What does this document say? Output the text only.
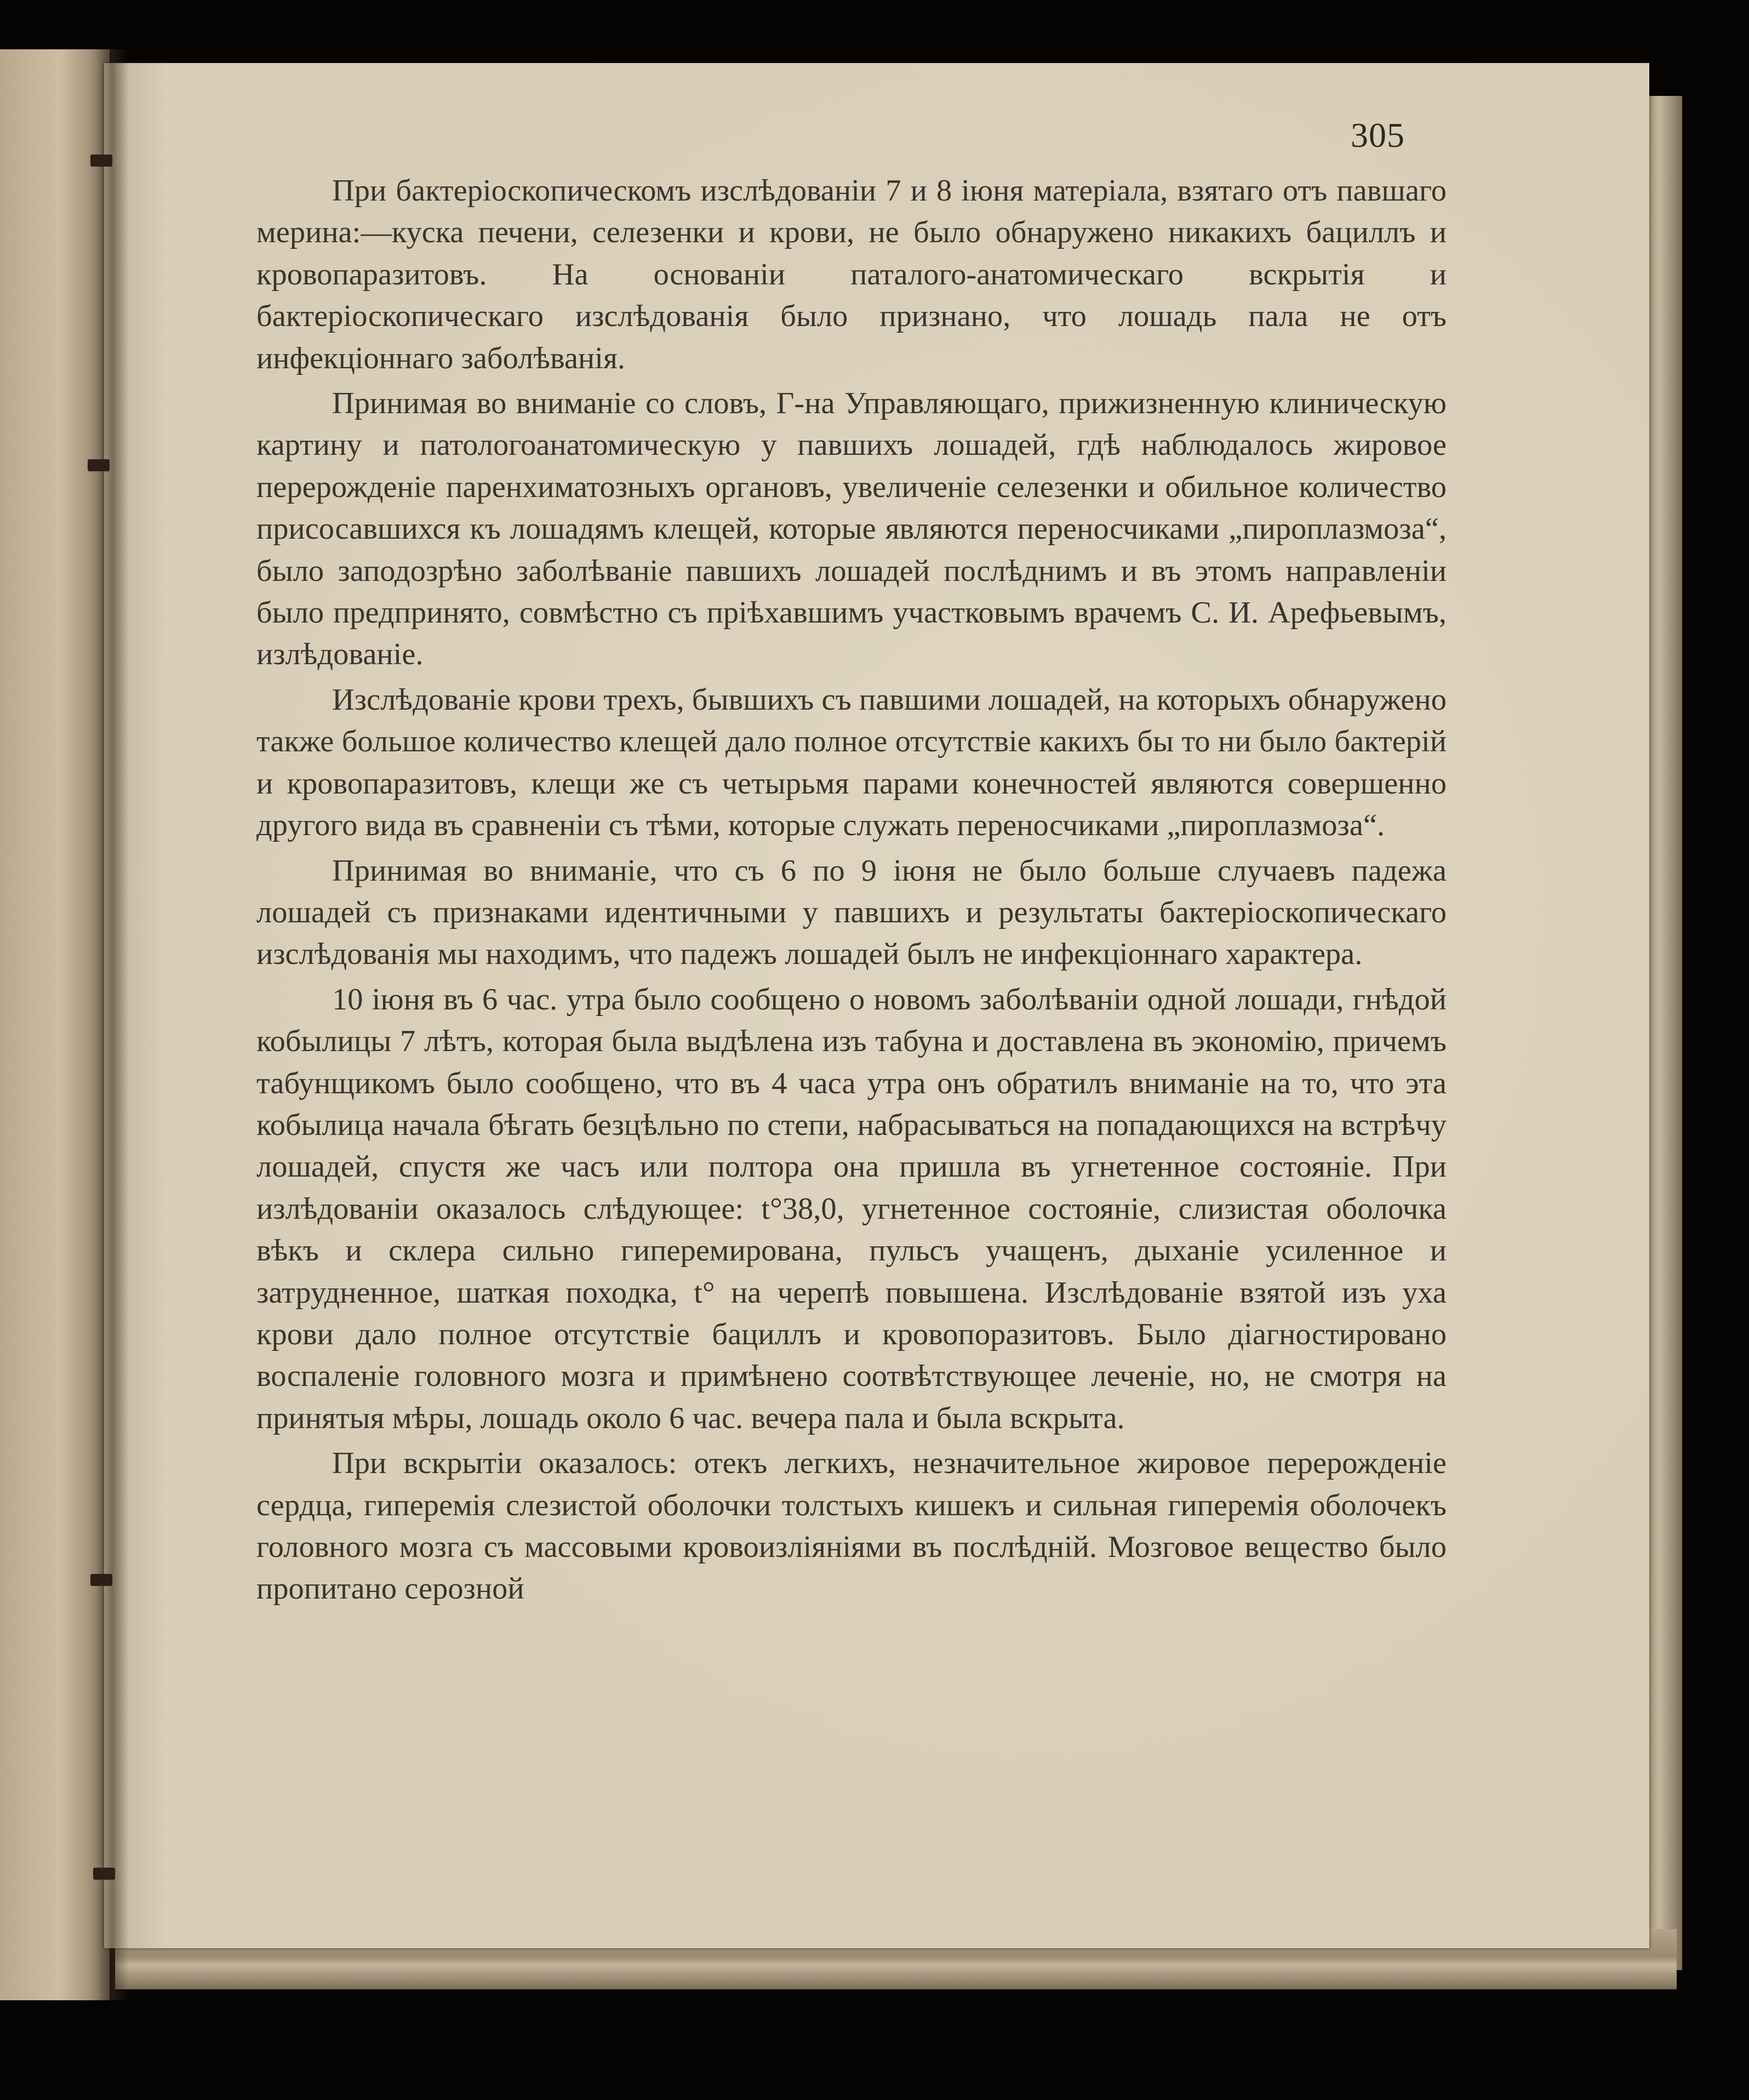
305

При бактеріоскопическомъ изслѣдованіи 7 и 8 іюня матеріала, взятаго отъ павшаго мерина:—куска печени, селезенки и крови, не было обнаружено никакихъ бациллъ и кровопаразитовъ. На основаніи паталого-анатомическаго вскрытія и бактеріоскопическаго изслѣдованія было признано, что лошадь пала не отъ инфекціоннаго заболѣванія.

Принимая во вниманіе со словъ, Г-на Управляющаго, прижизненную клиническую картину и патологоанатомическую у павшихъ лошадей, гдѣ наблюдалось жировое перерожденіе паренхиматозныхъ органовъ, увеличеніе селезенки и обильное количество присосавшихся къ лошадямъ клещей, которые являются переносчиками „пироплазмоза“, было заподозрѣно заболѣваніе павшихъ лошадей послѣднимъ и въ этомъ направленіи было предпринято, совмѣстно съ пріѣхавшимъ участковымъ врачемъ С. И. Арефьевымъ, излѣдованіе.

Изслѣдованіе крови трехъ, бывшихъ съ павшими лошадей, на которыхъ обнаружено также большое количество клещей дало полное отсутствіе какихъ бы то ни было бактерій и кровопаразитовъ, клещи же съ четырьмя парами конечностей являются совершенно другого вида въ сравненіи съ тѣми, которые служать переносчиками „пироплазмоза“.

Принимая во вниманіе, что съ 6 по 9 іюня не было больше случаевъ падежа лошадей съ признаками идентичными у павшихъ и результаты бактеріоскопическаго изслѣдованія мы находимъ, что падежъ лошадей былъ не инфекціоннаго характера.

10 іюня въ 6 час. утра было сообщено о новомъ заболѣваніи одной лошади, гнѣдой кобылицы 7 лѣтъ, которая была выдѣлена изъ табуна и доставлена въ экономію, причемъ табунщикомъ было сообщено, что въ 4 часа утра онъ обратилъ вниманіе на то, что эта кобылица начала бѣгать безцѣльно по степи, набрасываться на попадающихся на встрѣчу лошадей, спустя же часъ или полтора она пришла въ угнетенное состояніе. При излѣдованіи оказалось слѣдующее: t°38,0, угнетенное состояніе, слизистая оболочка вѣкъ и склера сильно гиперемирована, пульсъ учащенъ, дыханіе усиленное и затрудненное, шаткая походка, t° на черепѣ повышена. Изслѣдованіе взятой изъ уха крови дало полное отсутствіе бациллъ и кровопоразитовъ. Было діагностировано воспаленіе головного мозга и примѣнено соотвѣтствующее леченіе, но, не смотря на принятыя мѣры, лошадь около 6 час. вечера пала и была вскрыта.

При вскрытіи оказалось: отекъ легкихъ, незначительное жировое перерожденіе сердца, гиперемія слезистой оболочки толстыхъ кишекъ и сильная гиперемія оболочекъ головного мозга съ массовыми кровоизліяніями въ послѣдній. Мозговое вещество было пропитано серозной
